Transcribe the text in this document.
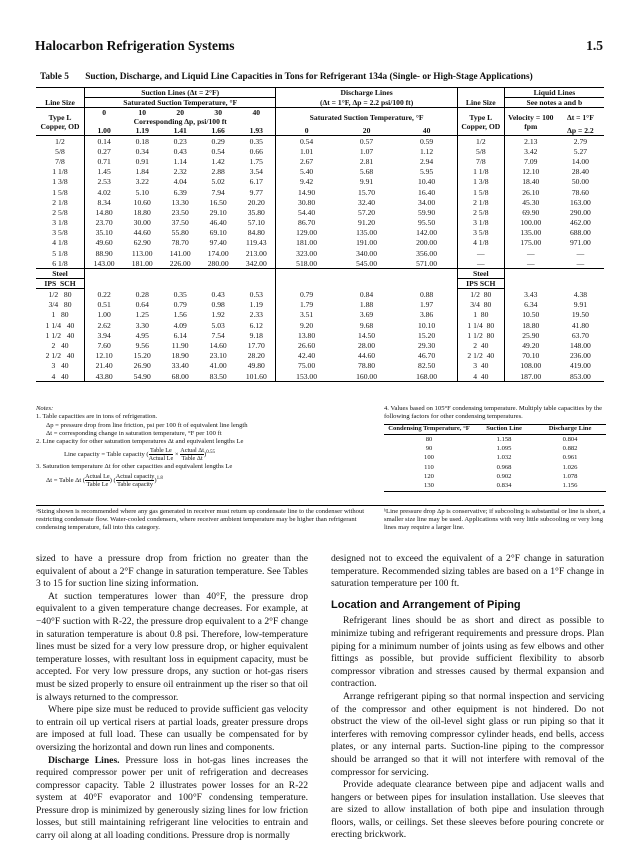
Halocarbon Refrigeration Systems	1.5
Table 5 Suction, Discharge, and Liquid Line Capacities in Tons for Refrigerant 134a (Single- or High-Stage Applications)
	Suction Lines (Δt = 2°F)					Discharge Lines				Liquid Lines	
Line Size	Saturated Suction Temperature, °F					(Δt = 1°F, Δp = 2.2 psi/100 ft)			Line Size	See notes a and b	
Type L Copper, OD	0	10	20	30	40	Saturated Suction Temperature, °F			Type L Copper, OD	Velocity = 100 fpm	Δt = 1°F
	Corresponding Δp, psi/100 ft										
	1.00	1.19	1.41	1.66	1.93	0	20	40			Δp = 2.2
1/2	0.14	0.18	0.23	0.29	0.35	0.54	0.57	0.59	1/2	2.13	2.79
5/8	0.27	0.34	0.43	0.54	0.66	1.01	1.07	1.12	5/8	3.42	5.27
7/8	0.71	0.91	1.14	1.42	1.75	2.67	2.81	2.94	7/8	7.09	14.00
1 1/8	1.45	1.84	2.32	2.88	3.54	5.40	5.68	5.95	1 1/8	12.10	28.40
1 3/8	2.53	3.22	4.04	5.02	6.17	9.42	9.91	10.40	1 3/8	18.40	50.00
1 5/8	4.02	5.10	6.39	7.94	9.77	14.90	15.70	16.40	1 5/8	26.10	78.60
2 1/8	8.34	10.60	13.30	16.50	20.20	30.80	32.40	34.00	2 1/8	45.30	163.00
2 5/8	14.80	18.80	23.50	29.10	35.80	54.40	57.20	59.90	2 5/8	69.90	290.00
3 1/8	23.70	30.00	37.50	46.40	57.10	86.70	91.20	95.50	3 1/8	100.00	462.00
3 5/8	35.10	44.60	55.80	69.10	84.80	129.00	135.00	142.00	3 5/8	135.00	688.00
4 1/8	49.60	62.90	78.70	97.40	119.43	181.00	191.00	200.00	4 1/8	175.00	971.00
5 1/8	88.90	113.00	141.00	174.00	213.00	323.00	340.00	356.00	—	—	—
6 1/8	143.00	181.00	226.00	280.00	342.00	518.00	545.00	571.00	—	—	—
Steel									Steel		
IPS SCH									IPS SCH		
1/2 80	0.22	0.28	0.35	0.43	0.53	0.79	0.84	0.88	1/2 80	3.43	4.38
3/4 80	0.51	0.64	0.79	0.98	1.19	1.79	1.88	1.97	3/4 80	6.34	9.91
1 80	1.00	1.25	1.56	1.92	2.33	3.51	3.69	3.86	1 80	10.50	19.50
1 1/4 40	2.62	3.30	4.09	5.03	6.12	9.20	9.68	10.10	1 1/4 80	18.80	41.80
1 1/2 40	3.94	4.95	6.14	7.54	9.18	13.80	14.50	15.20	1 1/2 80	25.90	63.70
2 40	7.60	9.56	11.90	14.60	17.70	26.60	28.00	29.30	2 40	49.20	148.00
2 1/2 40	12.10	15.20	18.90	23.10	28.20	42.40	44.60	46.70	2 1/2 40	70.10	236.00
3 40	21.40	26.90	33.40	41.00	49.80	75.00	78.80	82.50	3 40	108.00	419.00
4 40	43.80	54.90	68.00	83.50	101.60	153.00	160.00	168.00	4 40	187.00	853.00
Notes:
1. Table capacities are in tons of refrigeration.
Δp = pressure drop from line friction, psi per 100 ft of equivalent line length
Δt = corresponding change in saturation temperature, °F per 100 ft
2. Line capacity for other saturation temperatures Δt and equivalent lengths Le
Line capacity = Table capacity ( $\frac{\text{Table Le}}{\text{Actual Le}} \times \frac{\text{Actual Δt}}{\text{Table Δt}})^{0.55}$
3. Saturation temperature Δt for other capacities and equivalent lengths Le
Δt = Table Δt ( $\frac{\text{Actual Le}}{\text{Table Le}}$) ( $\frac{\text{Actual capacity}}{\text{Table capacity}})^{1.8}$
4. Values based on 105°F condensing temperature. Multiply table capacities by the following factors for other condensing temperatures.
Condensing Temperature, °F	Suction Line	Discharge Line
80	1.158	0.804
90	1.095	0.882
100	1.032	0.961
110	0.968	1.026
120	0.902	1.078
130	0.834	1.156
ᵃSizing shown is recommended where any gas generated in receiver must return up condensate line to the condenser without restricting condensate flow. Water-cooled condensers, where receiver ambient temperature may be higher than refrigerant condensing temperature, fall into this category.
ᵇLine pressure drop Δp is conservative; if subcooling is substantial or line is short, a smaller size line may be used. Applications with very little subcooling or very long lines may require a larger line.

sized to have a pressure drop from friction no greater than the equivalent of about a 2°F change in saturation temperature. See Tables 3 to 15 for suction line sizing information.

At suction temperatures lower than 40°F, the pressure drop equivalent to a given temperature change decreases. For example, at −40°F suction with R-22, the pressure drop equivalent to a 2°F change in saturation temperature is about 0.8 psi. Therefore, low-temperature lines must be sized for a very low pressure drop, or higher equivalent temperature losses, with resultant loss in equipment capacity, must be accepted. For very low pressure drops, any suction or hot-gas risers must be sized properly to ensure oil entrainment up the riser so that oil is always returned to the compressor.

Where pipe size must be reduced to provide sufficient gas velocity to entrain oil up vertical risers at partial loads, greater pressure drops are imposed at full load. These can usually be compensated for by oversizing the horizontal and down run lines and components.

Discharge Lines. Pressure loss in hot-gas lines increases the required compressor power per unit of refrigeration and decreases compressor capacity. Table 2 illustrates power losses for an R-22 system at 40°F evaporator and 100°F condensing temperature. Pressure drop is minimized by generously sizing lines for low friction losses, but still maintaining refrigerant line velocities to entrain and carry oil along at all loading conditions. Pressure drop is normally

designed not to exceed the equivalent of a 2°F change in saturation temperature. Recommended sizing tables are based on a 1°F change in saturation temperature per 100 ft.

Location and Arrangement of Piping

Refrigerant lines should be as short and direct as possible to minimize tubing and refrigerant requirements and pressure drops. Plan piping for a minimum number of joints using as few elbows and other fittings as possible, but provide sufficient flexibility to absorb compressor vibration and stresses caused by thermal expansion and contraction.

Arrange refrigerant piping so that normal inspection and servicing of the compressor and other equipment is not hindered. Do not obstruct the view of the oil-level sight glass or run piping so that it interferes with removing compressor cylinder heads, end bells, access plates, or any internal parts. Suction-line piping to the compressor should be arranged so that it will not interfere with removal of the compressor for servicing.

Provide adequate clearance between pipe and adjacent walls and hangers or between pipes for insulation installation. Use sleeves that are sized to allow installation of both pipe and insulation through floors, walls, or ceilings. Set these sleeves before pouring concrete or erecting brickwork.
